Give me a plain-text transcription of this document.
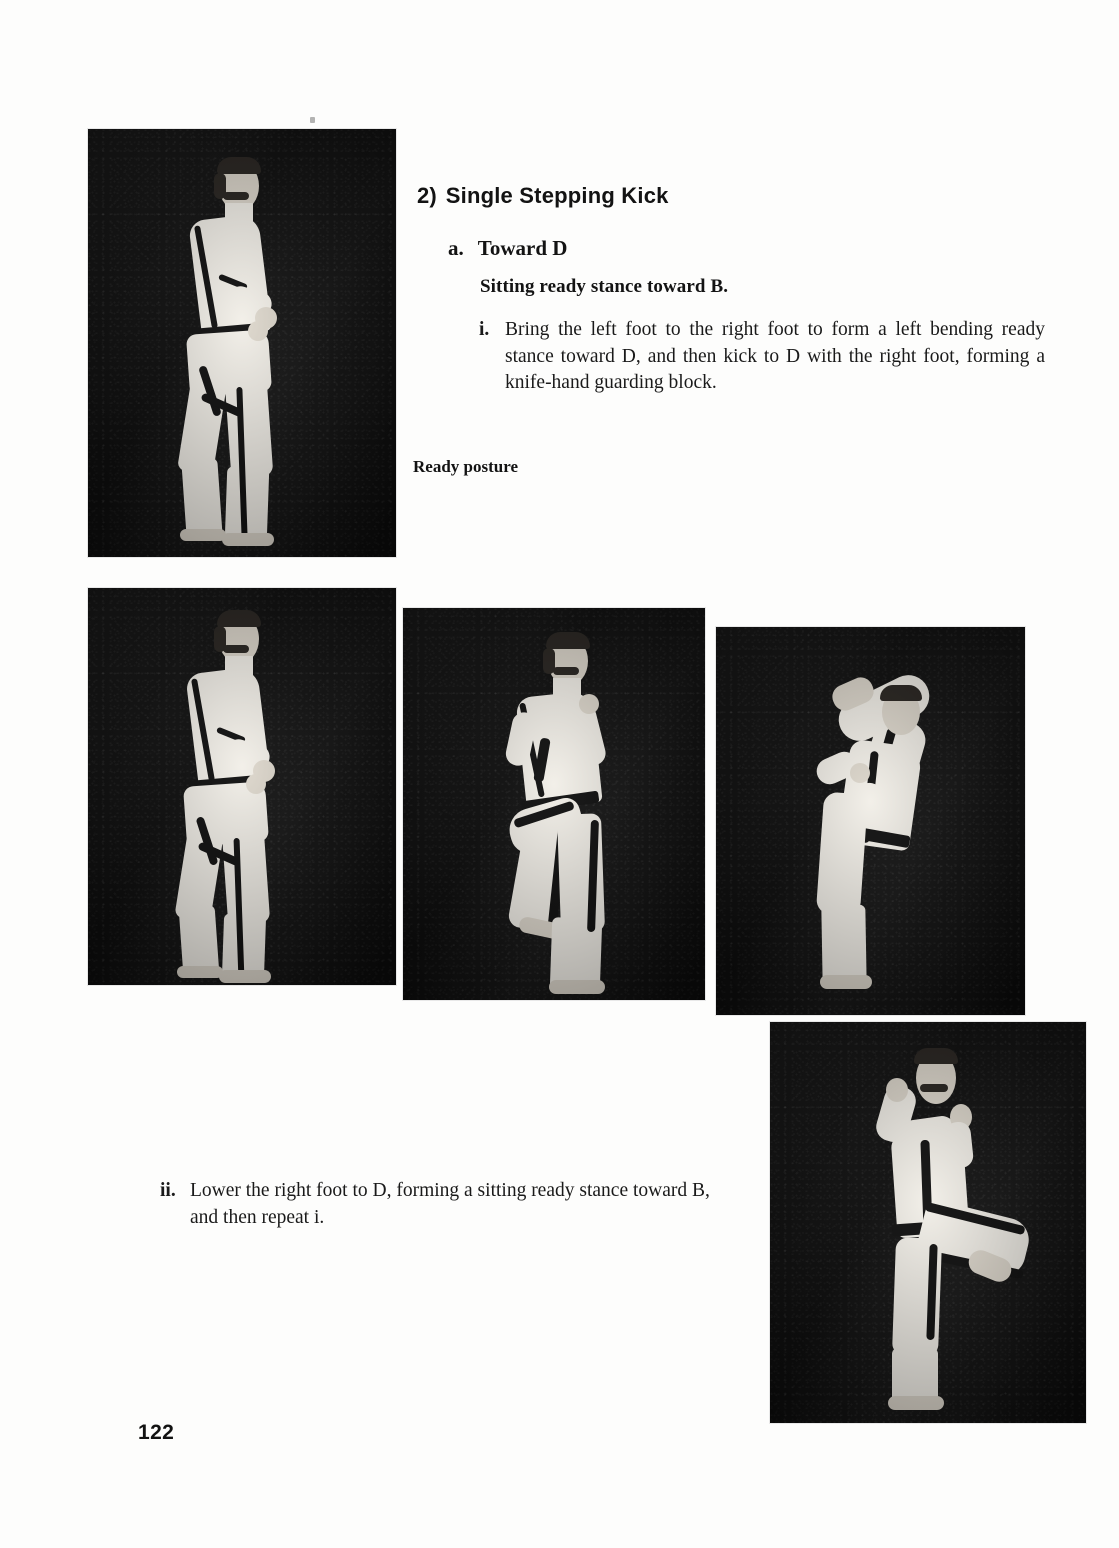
2) Single Stepping Kick
a. Toward D
Sitting ready stance toward B.
i. Bring the left foot to the right foot to form a left bending ready stance toward D, and then kick to D with the right foot, forming a knife-hand guarding block.
Ready posture
ii. Lower the right foot to D, forming a sitting ready stance toward B, and then repeat i.
122
